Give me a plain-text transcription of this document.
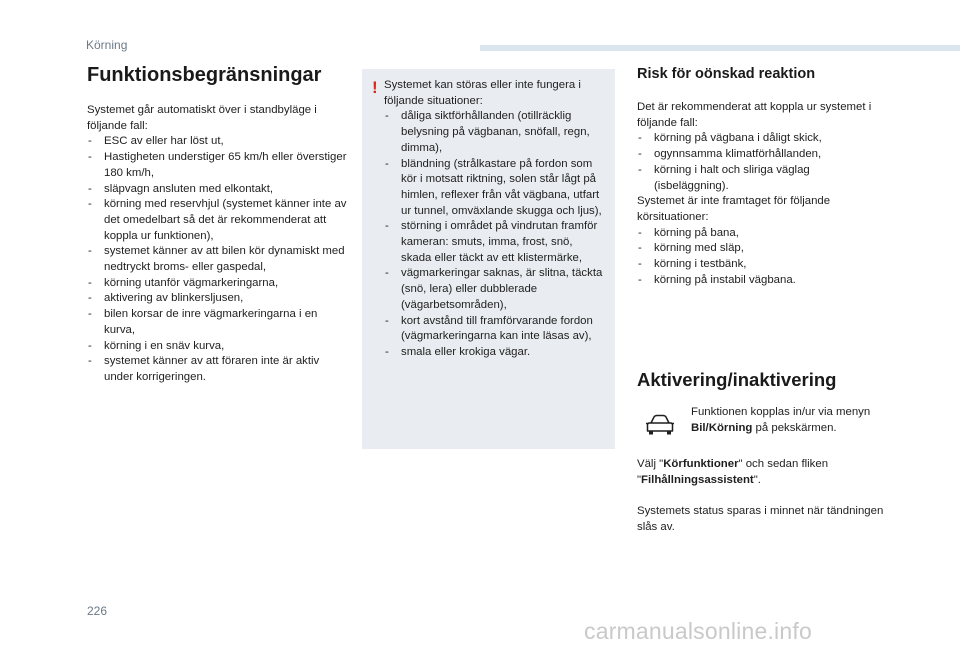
Körning
Funktionsbegränsningar

Systemet går automatiskt över i standbyläge i följande fall:

- ESC av eller har löst ut,
- Hastigheten understiger 65 km/h eller överstiger 180 km/h,
- släpvagn ansluten med elkontakt,
- körning med reservhjul (systemet känner inte av det omedelbart så det är rekommenderat att koppla ur funktionen),
- systemet känner av att bilen kör dynamiskt med nedtryckt broms- eller gaspedal,
- körning utanför vägmarkeringarna,
- aktivering av blinkersljusen,
- bilen korsar de inre vägmarkeringarna i en kurva,
- körning i en snäv kurva,
- systemet känner av att föraren inte är aktiv under korrigeringen.
! Systemet kan störas eller inte fungera i följande situationer:

- dåliga siktförhållanden (otillräcklig belysning på vägbanan, snöfall, regn, dimma),
- bländning (strålkastare på fordon som kör i motsatt riktning, solen står lågt på himlen, reflexer från våt vägbana, utfart ur tunnel, omväxlande skugga och ljus),
- störning i området på vindrutan framför kameran: smuts, imma, frost, snö, skada eller täckt av ett klistermärke,
- vägmarkeringar saknas, är slitna, täckta (snö, lera) eller dubblerade (vägarbetsområden),
- kort avstånd till framförvarande fordon (vägmarkeringarna kan inte läsas av),
- smala eller krokiga vägar.
Risk för oönskad reaktion

Det är rekommenderat att koppla ur systemet i följande fall:

- körning på vägbana i dåligt skick,
- ogynnsamma klimatförhållanden,
- körning i halt och sliriga väglag (isbeläggning).

Systemet är inte framtaget för följande körsituationer:

- körning på bana,
- körning med släp,
- körning i testbänk,
- körning på instabil vägbana.
Aktivering/inaktivering

Funktionen kopplas in/ur via menyn Bil/Körning på pekskärmen.

Välj "Körfunktioner" och sedan fliken "Filhållningsassistent".

Systemets status sparas i minnet när tändningen slås av.

226
carmanualsonline.info
